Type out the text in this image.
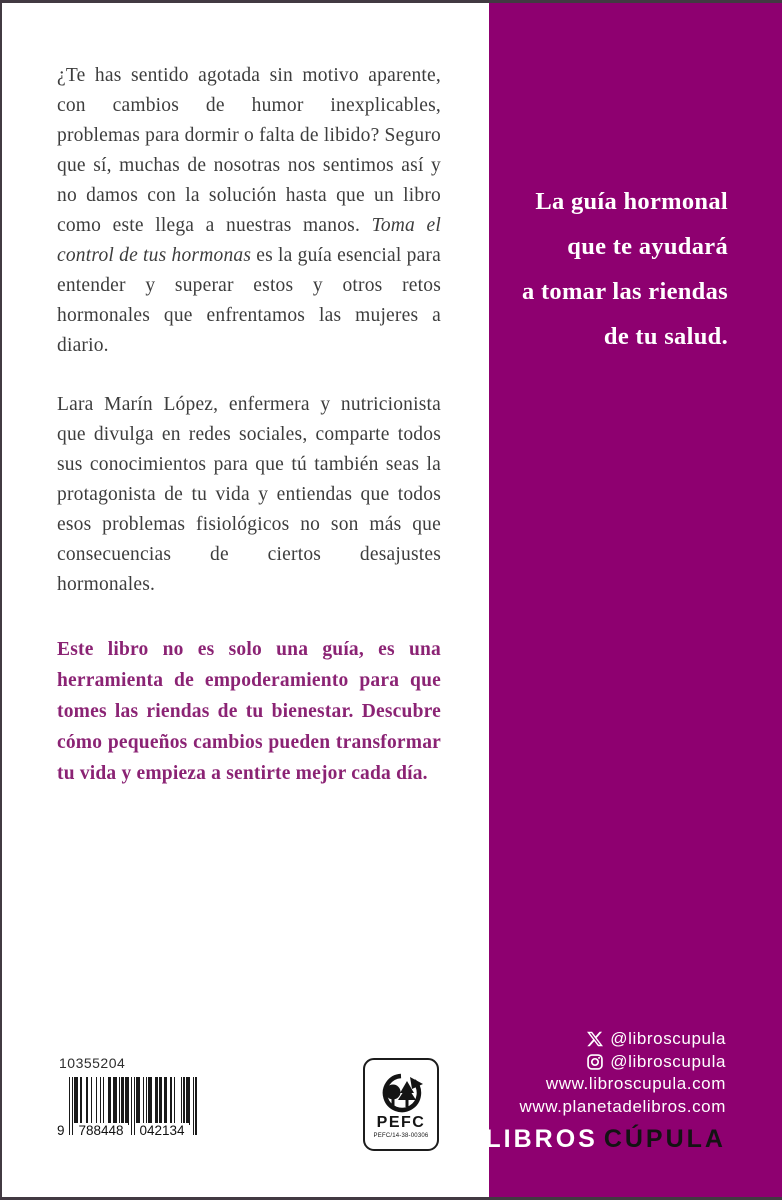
¿Te has sentido agotada sin motivo aparente, con cambios de humor inexplicables, problemas para dormir o falta de libido? Seguro que sí, muchas de nosotras nos sentimos así y no damos con la solución hasta que un libro como este llega a nuestras manos. Toma el control de tus hormonas es la guía esencial para entender y superar estos y otros retos hormonales que enfrentamos las mujeres a diario.

Lara Marín López, enfermera y nutricionista que divulga en redes sociales, comparte todos sus conocimientos para que tú también seas la protagonista de tu vida y entiendas que todos esos problemas fisiológicos no son más que consecuencias de ciertos desajustes hormonales.

Este libro no es solo una guía, es una herramienta de empoderamiento para que tomes las riendas de tu bienestar. Descubre cómo pequeños cambios pueden transformar tu vida y empieza a sentirte mejor cada día.

10355204
9	788448	042134	PEFC
PEFC/14-38-00306
La guía hormonal
que te ayudará
a tomar las riendas
de tu salud.
@libroscupula
@libroscupula
www.libroscupula.com
www.planetadelibros.com
LIBROS CÚPULA
